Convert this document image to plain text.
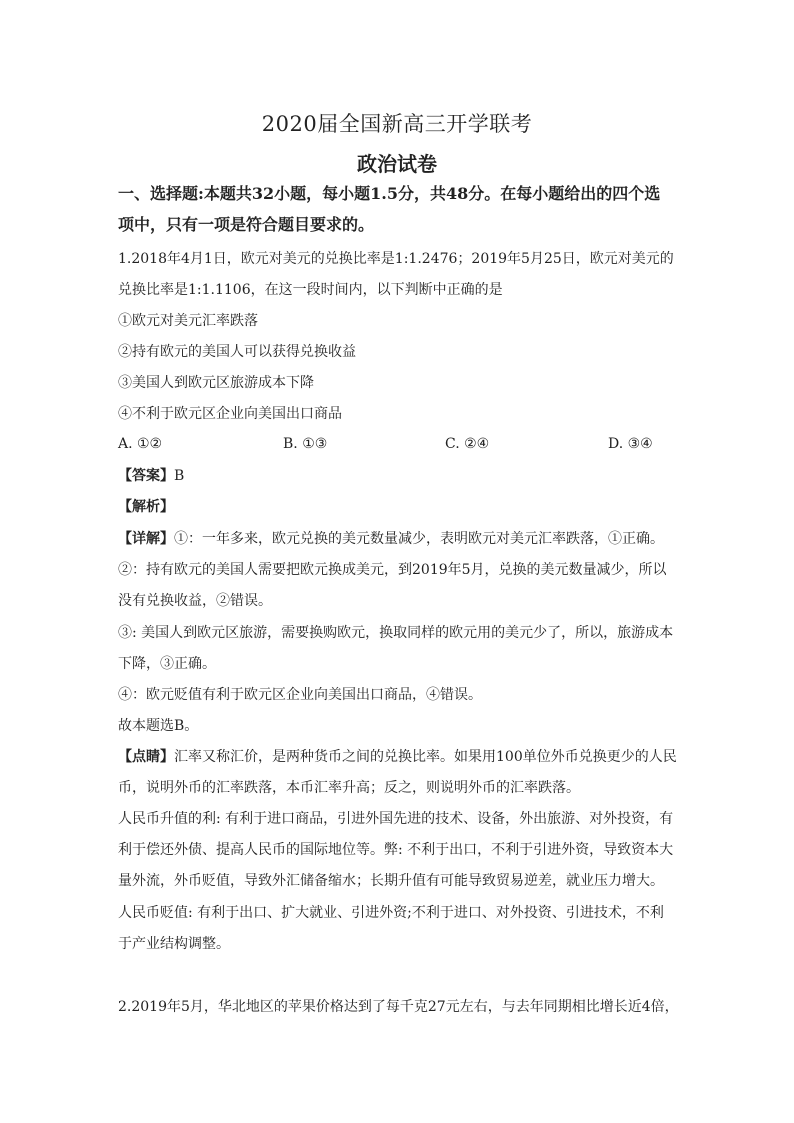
2020届全国新高三开学联考
政治试卷
一、选择题:本题共32小题，每小题1.5分，共48分。在每小题给出的四个选
项中，只有一项是符合题目要求的。
1.2018年4月1日，欧元对美元的兑换比率是1:1.2476；2019年5月25日，欧元对美元的
兑换比率是1:1.1106，在这一段时间内，以下判断中正确的是
①欧元对美元汇率跌落
②持有欧元的美国人可以获得兑换收益
③美国人到欧元区旅游成本下降
④不利于欧元区企业向美国出口商品
A. ①②	B. ①③	C. ②④	D. ③④
【答案】B
【解析】
【详解】①：一年多来，欧元兑换的美元数量减少，表明欧元对美元汇率跌落，①正确。
②：持有欧元的美国人需要把欧元换成美元，到2019年5月，兑换的美元数量减少，所以
没有兑换收益，②错误。
③: 美国人到欧元区旅游，需要换购欧元，换取同样的欧元用的美元少了，所以，旅游成本
下降，③正确。
④：欧元贬值有利于欧元区企业向美国出口商品，④错误。
故本题选B。
【点睛】汇率又称汇价，是两种货币之间的兑换比率。如果用100单位外币兑换更少的人民
币，说明外币的汇率跌落，本币汇率升高；反之，则说明外币的汇率跌落。
人民币升值的利: 有利于进口商品，引进外国先进的技术、设备，外出旅游、对外投资，有
利于偿还外债、提高人民币的国际地位等。弊: 不利于出口，不利于引进外资，导致资本大
量外流，外币贬值，导致外汇储备缩水；长期升值有可能导致贸易逆差，就业压力增大。
人民币贬值: 有利于出口、扩大就业、引进外资;不利于进口、对外投资、引进技术，不利
于产业结构调整。
2.2019年5月，华北地区的苹果价格达到了每千克27元左右，与去年同期相比增长近4倍，
